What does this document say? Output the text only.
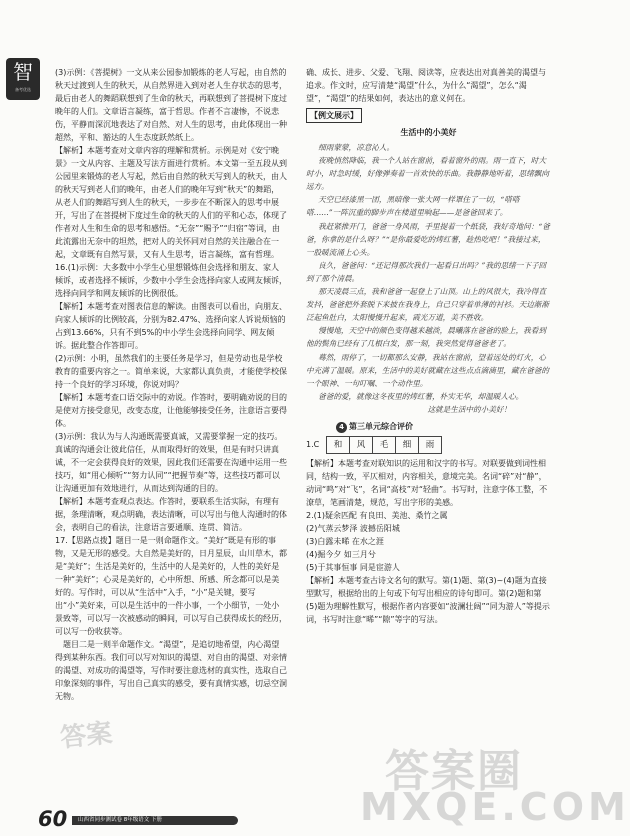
智
备考优选

(3)示例：《菩提树》一文从来公园参加锻炼的老人写起，由自然的秋天过渡到人生的秋天，从自然界进入到对老人生存状态的思考，最后由老人的舞蹈联想到了生命的秋天，再联想到了菩提树下度过晚年的人们。文章语言凝练，富于哲思。作者不言凄惨，不说悲伤，平静而深沉地表达了对自然、对人生的思考，由此体现出一种超然，平和、豁达的人生态度跃然纸上。

【解析】本题考查对文章内容的理解和赏析。示例是对《安宁晚景》一文从内容、主题及写法方面进行赏析。本文第一至五段从到公园里来锻炼的老人写起，然后由自然的秋天写到人的秋天，由人的秋天写到老人们的晚年，由老人们的晚年写到“秋天”的舞蹈，从老人们的舞蹈写到人生的秋天，一步步在不断深入的思考中展开，写出了在菩提树下度过生命的秋天的人们的平和心态，体现了作者对人生和生命的思考和感悟。“无奈”“赐予”“归宿”等词，由此流露出无奈中的坦然，把对人的关怀同对自然的关注融合在一起，文章既有自然写景，又有人生思考，语言凝练，富有哲理。

16.(1)示例：大多数中小学生心里想锻炼但会选择和朋友、家人倾诉，或者选择不倾诉，少数中小学生会选择向家人或网友倾诉，选择向同学和网友倾诉的比例很低。

【解析】本题考查对图表信息的解读。由图表可以看出，向朋友、向家人倾诉的比例较高，分别为82.47%、选择向家人诉说烦恼的占到13.66%，只有不到5%的中小学生会选择向同学、网友倾诉。据此整合作答即可。

(2)示例：小明，虽然我们的主要任务是学习，但是劳动也是学校教育的重要内容之一。简单来说，大家都认真负责，才能使学校保持一个良好的学习环境，你说对吗？

【解析】本题考查口语交际中的劝说。作答时，要明确劝说的目的是使对方接受意见，改变态度，让他能够接受任务，注意语言要得体。

(3)示例：我认为与人沟通既需要真诚，又需要掌握一定的技巧。真诚的沟通会让彼此信任，从而取得好的效果，但是有时只讲真诚，不一定会获得良好的效果，因此我们还需要在沟通中运用一些技巧，如“用心倾听”“努力认同”“把握节奏”等，这些技巧都可以让沟通更加有效地进行，从而达到沟通的目的。

【解析】本题考查观点表达。作答时，要联系生活实际，有理有据，条理清晰，观点明确，表达清晰，可以写出与他人沟通时的体会，表明自己的看法，注意语言要通顺、连贯、简洁。

17.【思路点拨】题目一是一则命题作文。“美好”既是有形的事物，又是无形的感受。大自然是美好的，日月星辰，山川草木，都是“美好”；生活是美好的，生活中的人是美好的，人性的美好是一种“美好”；心灵是美好的，心中所想、所感、所念都可以是美好的。写作时，可以从“生活中”入手，“小”是关键，要写出“小”美好来，可以是生活中的一件小事，一个小细节，一处小景致等，可以写一次被感动的瞬间，可以写自己获得成长的经历，可以写一份收获等。

题目二是一则半命题作文。“渴望”，是追切地希望，内心渴望得到某种东西。我们可以写对知识的渴望、对自由的渴望、对亲情的渴望、对成功的渴望等，写作时要注意选材的真实性，选取自己印象深刻的事件，写出自己真实的感受，要有真情实感，切忌空洞无物。

确、成长、进步、父爱、飞翔、阅读等，应表达出对真善美的渴望与追求。作文时，应写清楚“渴望”什么，为什么“渴望”，怎么“渴望”，“渴望”的结果如何，表达出的意义何在。

【例文展示】
生活中的小美好

细雨蒙蒙，凉意沁人。

夜晚悄然降临，我一个人站在窗前，看着窗外的雨。雨一直下，时大时小，时急时缓，好像弹奏着一首欢快的乐曲。我静静地听着，思绪飘向远方。

天空已经漆黑一团，黑暗像一张大网一样罩住了一切，“嗒嗒嗒……”一阵沉重的脚步声在楼道里响起——是爸爸回来了。

我赶紧推开门，爸爸一身风雨，手里提着一个纸袋，我好奇地问：“爸爸，你拿的是什么呀？”“是你最爱吃的烤红薯，趁热吃吧！”我接过来，一股暖流涌上心头。

良久，爸爸问：“还记得那次我们一起看日出吗？”我的思绪一下子回到了那个清晨。

那天凌晨三点，我和爸爸一起登上了山顶。山上的风很大，我冷得直发抖，爸爸把外套脱下来披在我身上，自己只穿着单薄的衬衫。天边渐渐泛起鱼肚白，太阳慢慢升起来，霞光万道，美不胜收。

慢慢地，天空中的颜色变得越来越淡，晨曦落在爸爸的脸上，我看到他的鬓角已经有了几根白发，那一刻，我突然觉得爸爸老了。

蓦然，雨停了，一切都那么安静，我站在窗前，望着远处的灯火，心中充满了温暖。原来，生活中的美好就藏在这些点点滴滴里，藏在爸爸的一个眼神、一句叮嘱、一个动作里。

爸爸的爱，就像这冬夜里的烤红薯，朴实无华，却温暖人心。

这就是生活中的小美好！

4 第三单元综合评价
1.C	和	风	毛	细	雨

【解析】本题考查对联知识的运用和汉字的书写。对联要做到词性相同，结构一致，平仄相对，内容相关，意境完美。名词“碎”对“静”，动词“鸣”对“飞”，名词“高枝”对“轻曲”。书写时，注意字体工整，不潦草，笔画清楚，规范，写出字形的美感。

2.(1)疑余匹配 有良田、美池、桑竹之属

(2)气蒸云梦泽 波撼岳阳城

(3)白露未晞 在水之涯

(4)掘今夕 如三月兮

(5)于其事恒事 同是宦游人

【解析】本题考查古诗文名句的默写。第(1)题、第(3)~(4)题为直接型默写，根据给出的上句或下句写出相应的诗句即可。第(2)题和第(5)题为理解性默写，根据作者内容要如“波澜壮阔”“同为游人”等提示词，书写时注意“晞”“隙”等字的写法。

答案
答案圈
MXQE.COM
60	山西省同步测试卷 8年级语文 下册
